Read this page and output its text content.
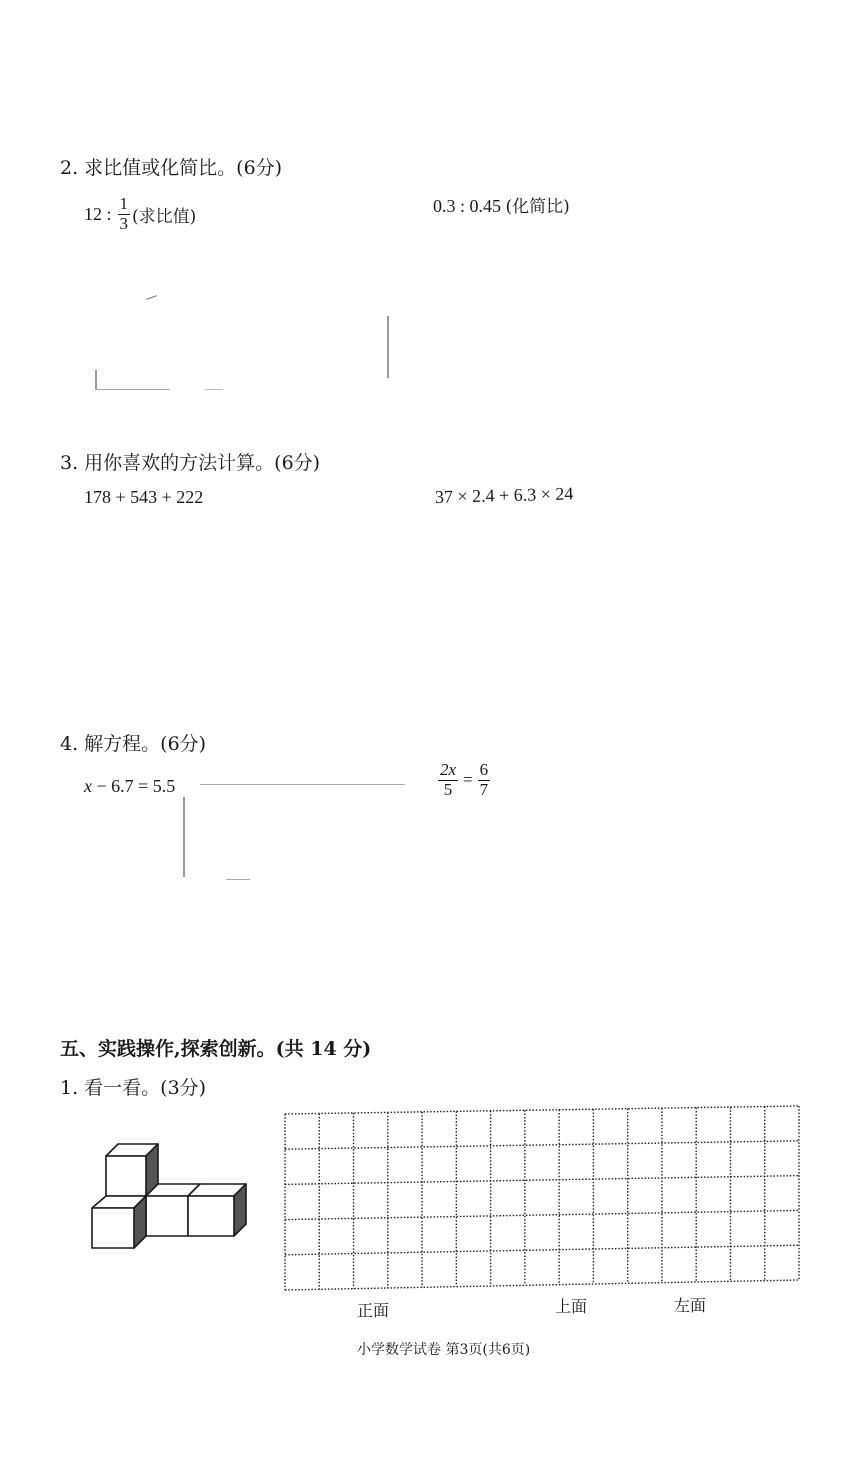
2. 求比值或化简比。(6分)
12 : $\frac{1}{3}$ (求比值)
0.3 : 0.45 (化简比)
3. 用你喜欢的方法计算。(6分)
178 + 543 + 222	37 × 2.4 + 6.3 × 24
4. 解方程。(6分)
x − 6.7 = 5.5	$\frac{2x}{5} = \frac{6}{7}$
五、实践操作,探索创新。(共 14 分)
1. 看一看。(3分)
正面	上面	左面
小学数学试卷 第3页(共6页)
